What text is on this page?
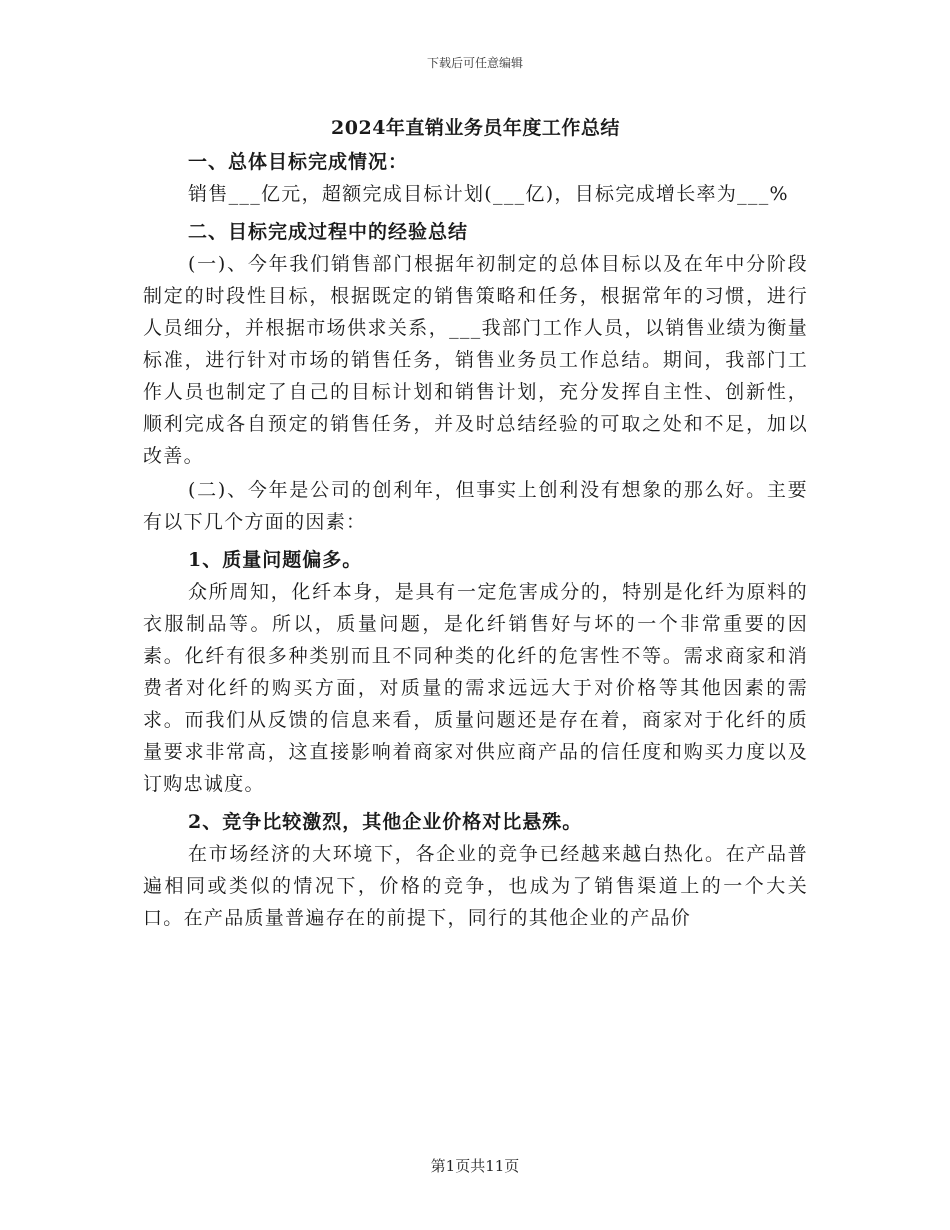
下载后可任意编辑
2024年直销业务员年度工作总结
一、总体目标完成情况：
销售___亿元，超额完成目标计划(___亿)，目标完成增长率为___%
二、目标完成过程中的经验总结
(一)、今年我们销售部门根据年初制定的总体目标以及在年中分阶段制定的时段性目标，根据既定的销售策略和任务，根据常年的习惯，进行人员细分，并根据市场供求关系，___我部门工作人员，以销售业绩为衡量标准，进行针对市场的销售任务，销售业务员工作总结。期间，我部门工作人员也制定了自己的目标计划和销售计划，充分发挥自主性、创新性，顺利完成各自预定的销售任务，并及时总结经验的可取之处和不足，加以改善。
(二)、今年是公司的创利年，但事实上创利没有想象的那么好。主要有以下几个方面的因素：
1、质量问题偏多。
众所周知，化纤本身，是具有一定危害成分的，特别是化纤为原料的衣服制品等。所以，质量问题，是化纤销售好与坏的一个非常重要的因素。化纤有很多种类别而且不同种类的化纤的危害性不等。需求商家和消费者对化纤的购买方面，对质量的需求远远大于对价格等其他因素的需求。而我们从反馈的信息来看，质量问题还是存在着，商家对于化纤的质量要求非常高，这直接影响着商家对供应商产品的信任度和购买力度以及订购忠诚度。
2、竞争比较激烈，其他企业价格对比悬殊。
在市场经济的大环境下，各企业的竞争已经越来越白热化。在产品普遍相同或类似的情况下，价格的竞争，也成为了销售渠道上的一个大关口。在产品质量普遍存在的前提下，同行的其他企业的产品价
第1页共11页
